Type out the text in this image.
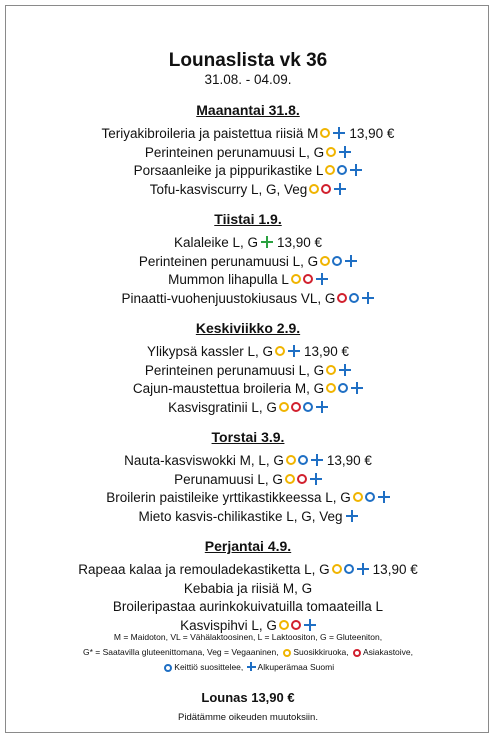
Lounaslista vk 36
31.08. - 04.09.
Maanantai 31.8.
Teriyakibroileria ja paistettua riisiä M 13,90 €
Perinteinen perunamuusi L, G
Porsaanleike ja pippurikastike L
Tofu-kasviscurry L, G, Veg
Tiistai 1.9.
Kalaleike L, G 13,90 €
Perinteinen perunamuusi L, G
Mummon lihapulla L
Pinaatti-vuohenjuustokiusaus VL, G
Keskiviikko 2.9.
Ylikypsä kassler L, G 13,90 €
Perinteinen perunamuusi L, G
Cajun-maustettua broileria M, G
Kasvisgratinii L, G
Torstai 3.9.
Nauta-kasviswokki M, L, G	13,90 €
Perunamuusi L, G
Broilerin paistileike yrttikastikkeessa L, G
Mieto kasvis-chilikastike L, G, Veg
Perjantai 4.9.
Rapeaa kalaa ja remouladekastiketta L, G	13,90 €
Kebabia ja riisiä M, G
Broileripastaa aurinkokuivatuilla tomaateilla L
Kasvispihvi L, G
M = Maidoton, VL = Vähälaktoosinen, L = Laktoositon, G = Gluteeniton,
G* = Saatavilla gluteenittomana, Veg = Vegaaninen, Suosikkiruoka, Asiakastoive,
Keittiö suosittelee, Alkuperämaa Suomi
Lounas 13,90 €
Pidätämme oikeuden muutoksiin.
